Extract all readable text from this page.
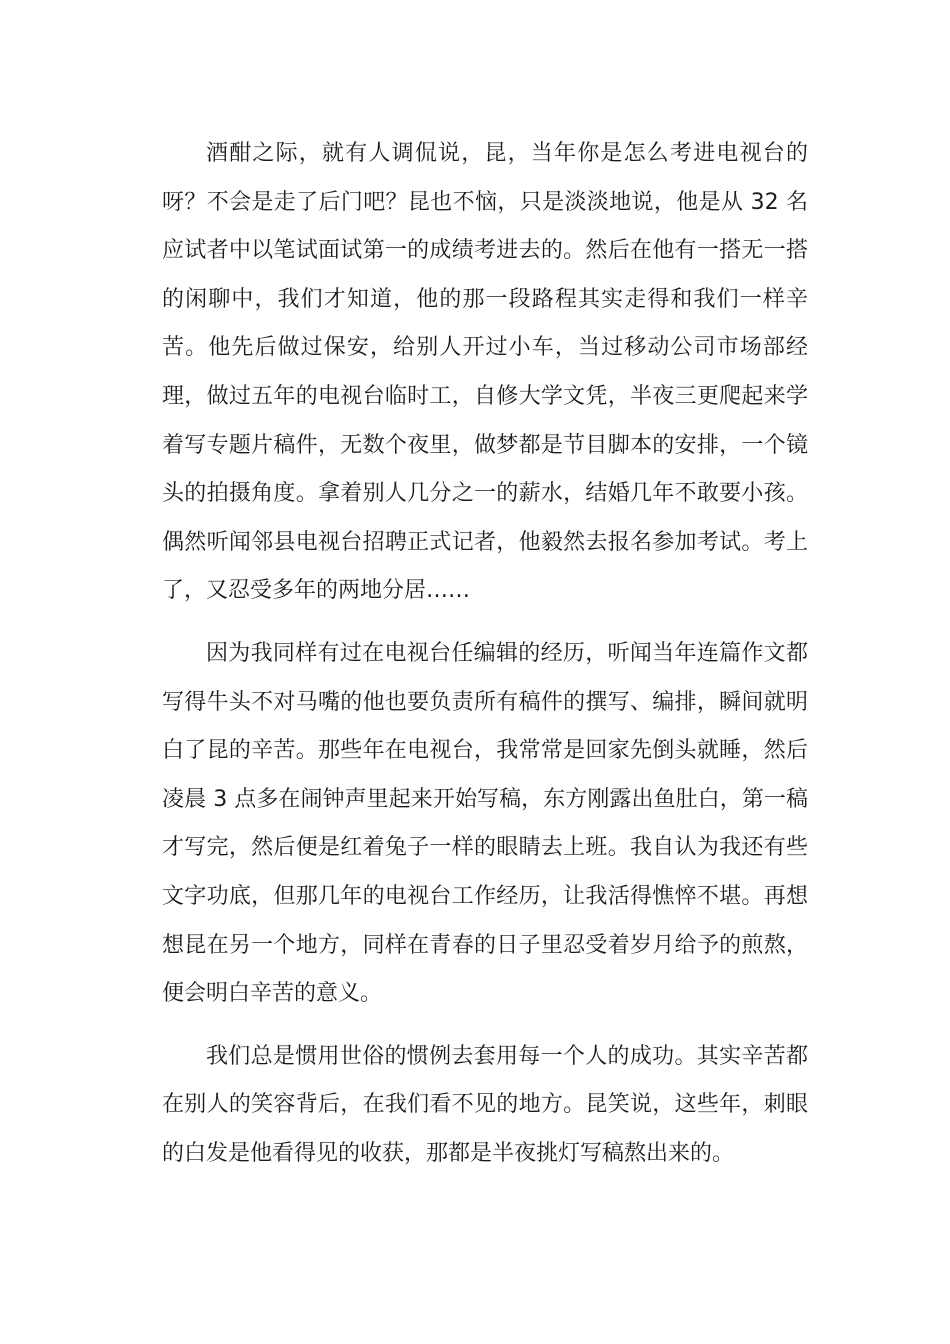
酒酣之际，就有人调侃说，昆，当年你是怎么考进电视台的呀？不会是走了后门吧？昆也不恼，只是淡淡地说，他是从 32 名应试者中以笔试面试第一的成绩考进去的。然后在他有一搭无一搭的闲聊中，我们才知道，他的那一段路程其实走得和我们一样辛苦。他先后做过保安，给别人开过小车，当过移动公司市场部经理，做过五年的电视台临时工，自修大学文凭，半夜三更爬起来学着写专题片稿件，无数个夜里，做梦都是节目脚本的安排，一个镜头的拍摄角度。拿着别人几分之一的薪水，结婚几年不敢要小孩。偶然听闻邻县电视台招聘正式记者，他毅然去报名参加考试。考上了，又忍受多年的两地分居……

因为我同样有过在电视台任编辑的经历，听闻当年连篇作文都写得牛头不对马嘴的他也要负责所有稿件的撰写、编排，瞬间就明白了昆的辛苦。那些年在电视台，我常常是回家先倒头就睡，然后凌晨 3 点多在闹钟声里起来开始写稿，东方刚露出鱼肚白，第一稿才写完，然后便是红着兔子一样的眼睛去上班。我自认为我还有些文字功底，但那几年的电视台工作经历，让我活得憔悴不堪。再想想昆在另一个地方，同样在青春的日子里忍受着岁月给予的煎熬，便会明白辛苦的意义。

我们总是惯用世俗的惯例去套用每一个人的成功。其实辛苦都在别人的笑容背后，在我们看不见的地方。昆笑说，这些年，刺眼的白发是他看得见的收获，那都是半夜挑灯写稿熬出来的。
